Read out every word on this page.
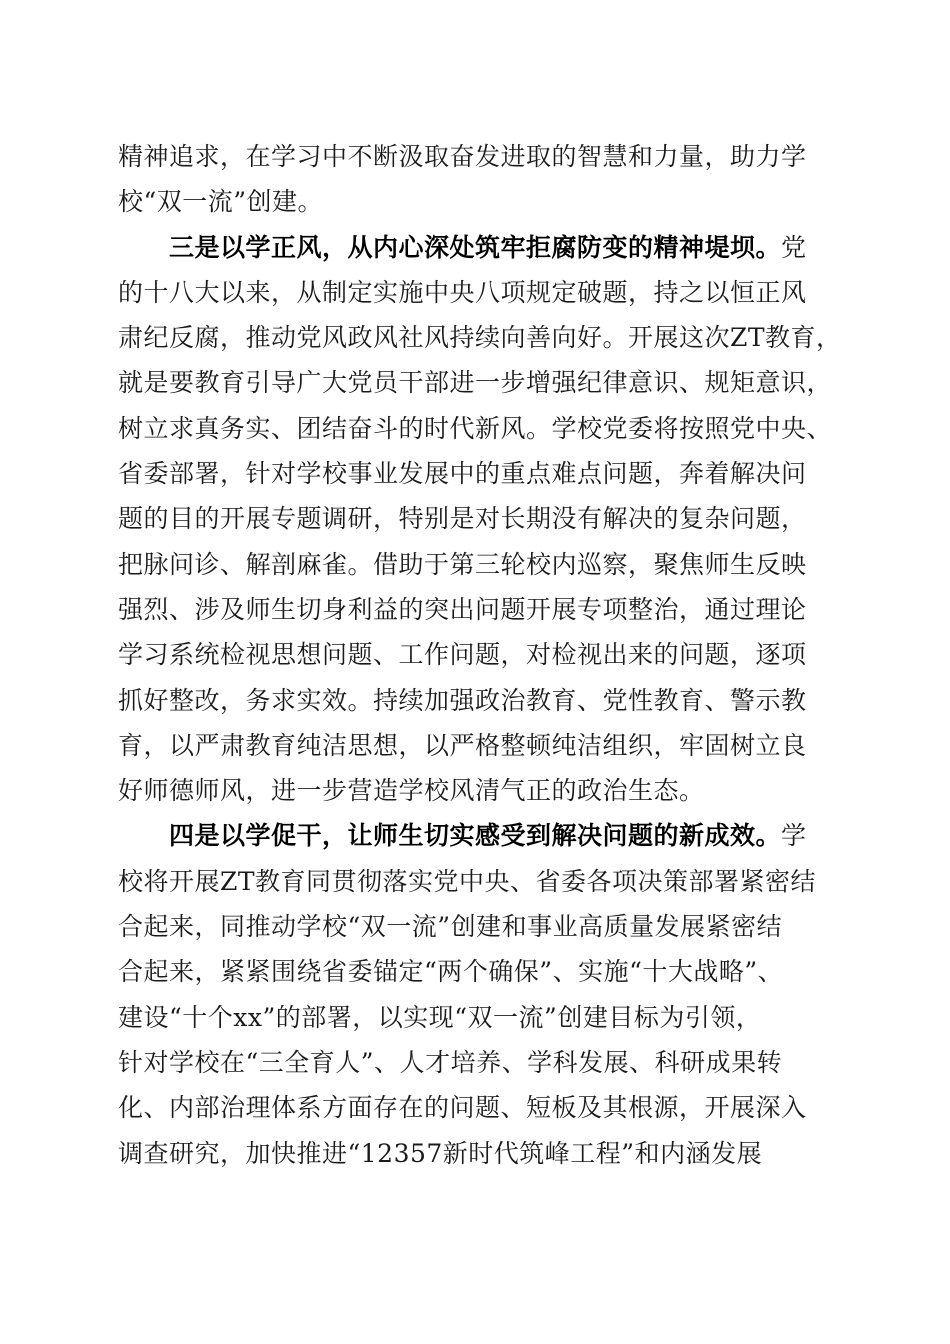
精神追求，在学习中不断汲取奋发进取的智慧和力量，助力学
校“双一流”创建。
三是以学正风，从内心深处筑牢拒腐防变的精神堤坝。党
的十八大以来，从制定实施中央八项规定破题，持之以恒正风
肃纪反腐，推动党风政风社风持续向善向好。开展这次ZT教育，
就是要教育引导广大党员干部进一步增强纪律意识、规矩意识，
树立求真务实、团结奋斗的时代新风。学校党委将按照党中央、
省委部署，针对学校事业发展中的重点难点问题，奔着解决问
题的目的开展专题调研，特别是对长期没有解决的复杂问题，
把脉问诊、解剖麻雀。借助于第三轮校内巡察，聚焦师生反映
强烈、涉及师生切身利益的突出问题开展专项整治，通过理论
学习系统检视思想问题、工作问题，对检视出来的问题，逐项
抓好整改，务求实效。持续加强政治教育、党性教育、警示教
育，以严肃教育纯洁思想，以严格整顿纯洁组织，牢固树立良
好师德师风，进一步营造学校风清气正的政治生态。
四是以学促干，让师生切实感受到解决问题的新成效。学
校将开展ZT教育同贯彻落实党中央、省委各项决策部署紧密结
合起来，同推动学校“双一流”创建和事业高质量发展紧密结
合起来，紧紧围绕省委锚定“两个确保”、实施“十大战略”、
建设“十个xx”的部署，以实现“双一流”创建目标为引领，
针对学校在“三全育人”、人才培养、学科发展、科研成果转
化、内部治理体系方面存在的问题、短板及其根源，开展深入
调查研究，加快推进“12357新时代筑峰工程”和内涵发展
